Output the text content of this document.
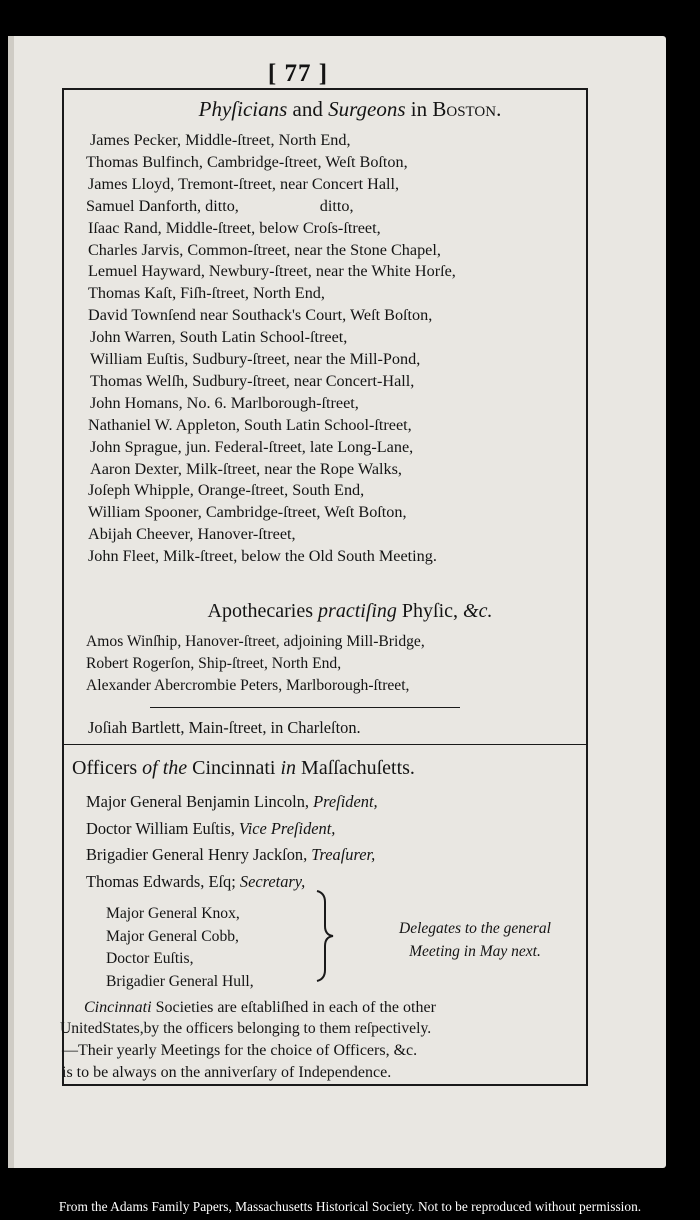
[ 77 ]
Phyſicians and Surgeons in Boston.
James Pecker, Middle-ſtreet, North End,
Thomas Bulfinch, Cambridge-ſtreet, Weſt Boſton,
James Lloyd, Tremont-ſtreet, near Concert Hall,
Samuel Danforth, ditto,                    ditto,
Iſaac Rand, Middle-ſtreet, below Croſs-ſtreet,
Charles Jarvis, Common-ſtreet, near the Stone Chapel,
Lemuel Hayward, Newbury-ſtreet, near the White Horſe,
Thomas Kaſt, Fiſh-ſtreet, North End,
David Townſend near Southack's Court, Weſt Boſton,
John Warren, South Latin School-ſtreet,
William Euſtis, Sudbury-ſtreet, near the Mill-Pond,
Thomas Welſh, Sudbury-ſtreet, near Concert-Hall,
John Homans, No. 6. Marlborough-ſtreet,
Nathaniel W. Appleton, South Latin School-ſtreet,
John Sprague, jun. Federal-ſtreet, late Long-Lane,
Aaron Dexter, Milk-ſtreet, near the Rope Walks,
Joſeph Whipple, Orange-ſtreet, South End,
William Spooner, Cambridge-ſtreet, Weſt Boſton,
Abijah Cheever, Hanover-ſtreet,
John Fleet, Milk-ſtreet, below the Old South Meeting.
Apothecaries practiſing Phyſic, &c.
Amos Winſhip, Hanover-ſtreet, adjoining Mill-Bridge,
Robert Rogerſon, Ship-ſtreet, North End,
Alexander Abercrombie Peters, Marlborough-ſtreet,
Joſiah Bartlett, Main-ſtreet, in Charleſton.
Officers of the Cincinnati in Maſſachuſetts.
Major General Benjamin Lincoln, Preſident,
Doctor William Euſtis, Vice Preſident,
Brigadier General Henry Jackſon, Treaſurer,
Thomas Edwards, Eſq; Secretary,
Major General Knox,
Major General Cobb,
Doctor Euſtis,
Brigadier General Hull,
Delegates to the general
Meeting in May next.
Cincinnati Societies are eſtabliſhed in each of the other
UnitedStates,by the officers belonging to them reſpectively.
—Their yearly Meetings for the choice of Officers, &c.
is to be always on the anniverſary of Independence.
From the Adams Family Papers, Massachusetts Historical Society. Not to be reproduced without permission.
